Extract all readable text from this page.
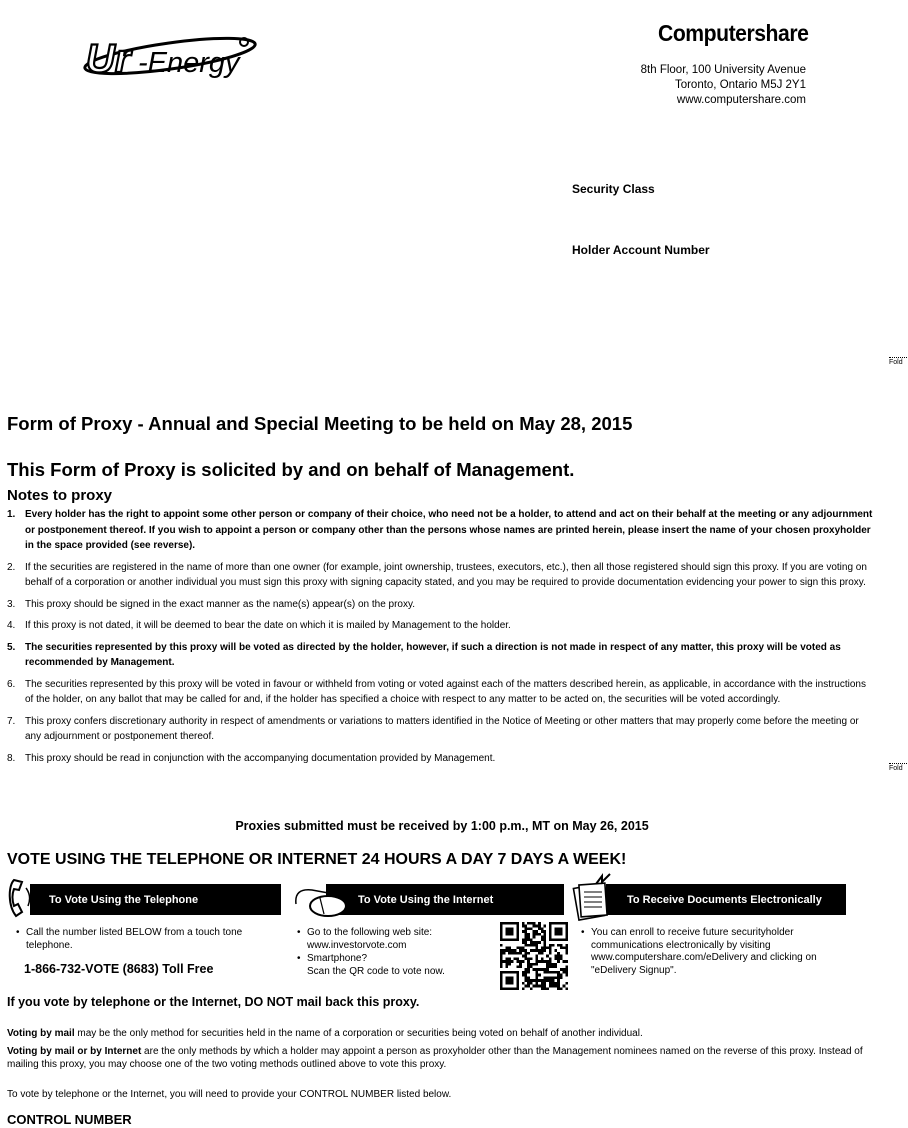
Ur -Energy
Computershare
8th Floor, 100 University Avenue
Toronto, Ontario M5J 2Y1
www.computershare.com
Security Class
Holder Account Number
Fold
Fold
Form of Proxy - Annual and Special Meeting to be held on May 28, 2015
This Form of Proxy is solicited by and on behalf of Management.
Notes to proxy
1. Every holder has the right to appoint some other person or company of their choice, who need not be a holder, to attend and act on their behalf at the meeting or any adjournment or postponement thereof. If you wish to appoint a person or company other than the persons whose names are printed herein, please insert the name of your chosen proxyholder in the space provided (see reverse).
2. If the securities are registered in the name of more than one owner (for example, joint ownership, trustees, executors, etc.), then all those registered should sign this proxy. If you are voting on behalf of a corporation or another individual you must sign this proxy with signing capacity stated, and you may be required to provide documentation evidencing your power to sign this proxy.
3. This proxy should be signed in the exact manner as the name(s) appear(s) on the proxy.
4. If this proxy is not dated, it will be deemed to bear the date on which it is mailed by Management to the holder.
5. The securities represented by this proxy will be voted as directed by the holder, however, if such a direction is not made in respect of any matter, this proxy will be voted as recommended by Management.
6. The securities represented by this proxy will be voted in favour or withheld from voting or voted against each of the matters described herein, as applicable, in accordance with the instructions of the holder, on any ballot that may be called for and, if the holder has specified a choice with respect to any matter to be acted on, the securities will be voted accordingly.
7. This proxy confers discretionary authority in respect of amendments or variations to matters identified in the Notice of Meeting or other matters that may properly come before the meeting or any adjournment or postponement thereof.
8. This proxy should be read in conjunction with the accompanying documentation provided by Management.
Proxies submitted must be received by 1:00 p.m., MT on May 26, 2015
VOTE USING THE TELEPHONE OR INTERNET 24 HOURS A DAY 7 DAYS A WEEK!
To Vote Using the Telephone	To Vote Using the Internet	To Receive Documents Electronically
• Call the number listed BELOW from a touch tone telephone.
1-866-732-VOTE (8683) Toll Free
• Go to the following web site:
www.investorvote.com
• Smartphone?
Scan the QR code to vote now.
• You can enroll to receive future securityholder communications electronically by visiting www.computershare.com/eDelivery and clicking on "eDelivery Signup".
If you vote by telephone or the Internet, DO NOT mail back this proxy.
Voting by mail may be the only method for securities held in the name of a corporation or securities being voted on behalf of another individual.
Voting by mail or by Internet are the only methods by which a holder may appoint a person as proxyholder other than the Management nominees named on the reverse of this proxy. Instead of mailing this proxy, you may choose one of the two voting methods outlined above to vote this proxy.
To vote by telephone or the Internet, you will need to provide your CONTROL NUMBER listed below.
CONTROL NUMBER
